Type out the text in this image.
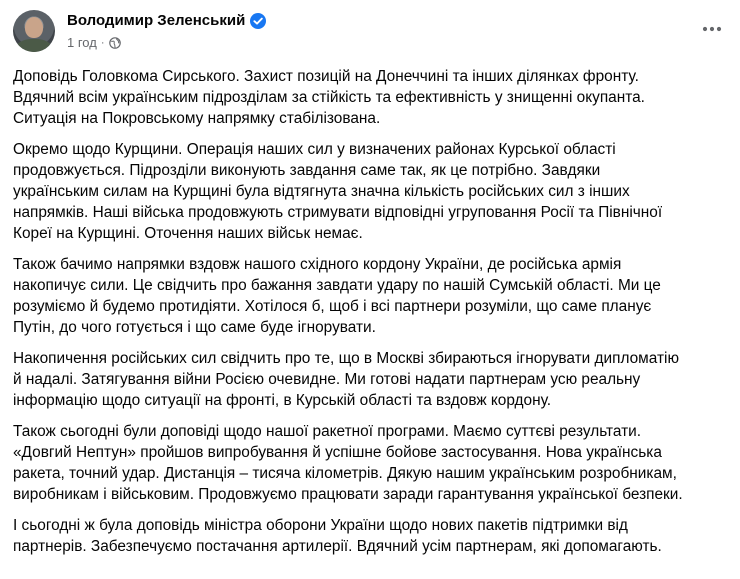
Володимир Зеленський
1 год ·

Доповідь Головкома Сирського. Захист позицій на Донеччині та інших ділянках фронту.
Вдячний всім українським підрозділам за стійкість та ефективність у знищенні окупанта.
Ситуація на Покровському напрямку стабілізована.

Окремо щодо Курщини. Операція наших сил у визначених районах Курської області
продовжується. Підрозділи виконують завдання саме так, як це потрібно. Завдяки
українським силам на Курщині була відтягнута значна кількість російських сил з інших
напрямків. Наші війська продовжують стримувати відповідні угруповання Росії та Північної
Кореї на Курщині. Оточення наших військ немає.

Також бачимо напрямки вздовж нашого східного кордону України, де російська армія
накопичує сили. Це свідчить про бажання завдати удару по нашій Сумській області. Ми це
розуміємо й будемо протидіяти. Хотілося б, щоб і всі партнери розуміли, що саме планує
Путін, до чого готується і що саме буде ігнорувати.

Накопичення російських сил свідчить про те, що в Москві збираються ігнорувати дипломатію
й надалі. Затягування війни Росією очевидне. Ми готові надати партнерам усю реальну
інформацію щодо ситуації на фронті, в Курській області та вздовж кордону.

Також сьогодні були доповіді щодо нашої ракетної програми. Маємо суттєві результати.
«Довгий Нептун» пройшов випробування й успішне бойове застосування. Нова українська
ракета, точний удар. Дистанція – тисяча кілометрів. Дякую нашим українським розробникам,
виробникам і військовим. Продовжуємо працювати заради гарантування української безпеки.

І сьогодні ж була доповідь міністра оборони України щодо нових пакетів підтримки від
партнерів. Забезпечуємо постачання артилерії. Вдячний усім партнерам, які допомагають.
